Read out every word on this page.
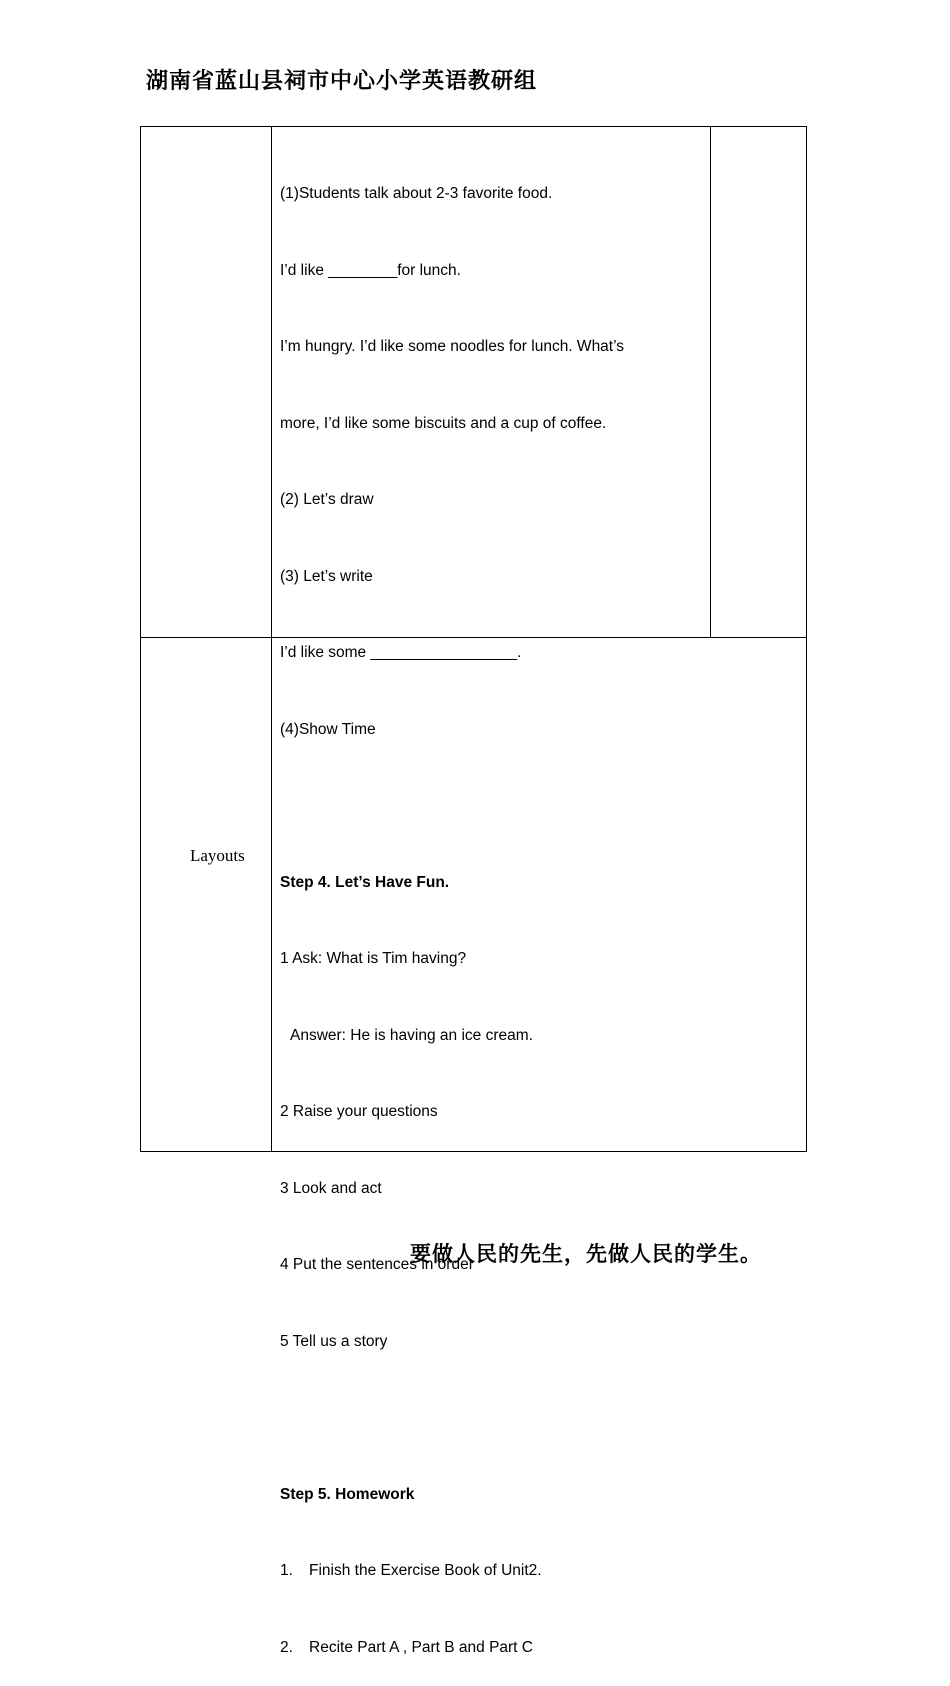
湖南省蓝山县祠市中心小学英语教研组

(1)Students talk about 2-3 favorite food.

I’d like ________for lunch.

I’m hungry. I’d like some noodles for lunch. What’s

more, I’d like some biscuits and a cup of coffee.

(2) Let’s draw

(3) Let’s write

I’d like some _________________.

(4)Show Time

Step 4. Let’s Have Fun.

1 Ask: What is Tim having?

Answer: He is having an ice cream.

2 Raise your questions

3 Look and act

4 Put the sentences in order

5 Tell us a story

Step 5. Homework

1. Finish the Exercise Book of Unit2.

2. Recite Part A , Part B and Part C

Layouts
要做人民的先生，先做人民的学生。
